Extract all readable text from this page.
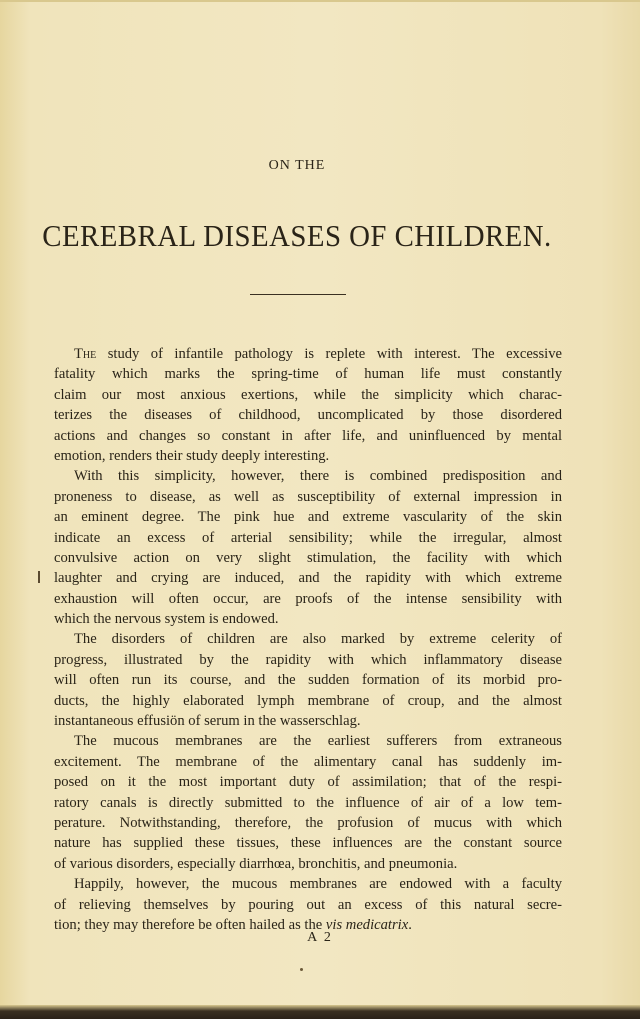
ON THE
CEREBRAL DISEASES OF CHILDREN.
The study of infantile pathology is replete with interest. The excessive
fatality which marks the spring-time of human life must constantly
claim our most anxious exertions, while the simplicity which charac-
terizes the diseases of childhood, uncomplicated by those disordered
actions and changes so constant in after life, and uninfluenced by mental
emotion, renders their study deeply interesting.
With this simplicity, however, there is combined predisposition and
proneness to disease, as well as susceptibility of external impression in
an eminent degree. The pink hue and extreme vascularity of the skin
indicate an excess of arterial sensibility; while the irregular, almost
convulsive action on very slight stimulation, the facility with which
laughter and crying are induced, and the rapidity with which extreme
exhaustion will often occur, are proofs of the intense sensibility with
which the nervous system is endowed.
The disorders of children are also marked by extreme celerity of
progress, illustrated by the rapidity with which inflammatory disease
will often run its course, and the sudden formation of its morbid pro-
ducts, the highly elaborated lymph membrane of croup, and the almost
instantaneous effusiön of serum in the wasserschlag.
The mucous membranes are the earliest sufferers from extraneous
excitement. The membrane of the alimentary canal has suddenly im-
posed on it the most important duty of assimilation; that of the respi-
ratory canals is directly submitted to the influence of air of a low tem-
perature. Notwithstanding, therefore, the profusion of mucus with which
nature has supplied these tissues, these influences are the constant source
of various disorders, especially diarrhœa, bronchitis, and pneumonia.
Happily, however, the mucous membranes are endowed with a faculty
of relieving themselves by pouring out an excess of this natural secre-
tion; they may therefore be often hailed as the vis medicatrix.
A 2
